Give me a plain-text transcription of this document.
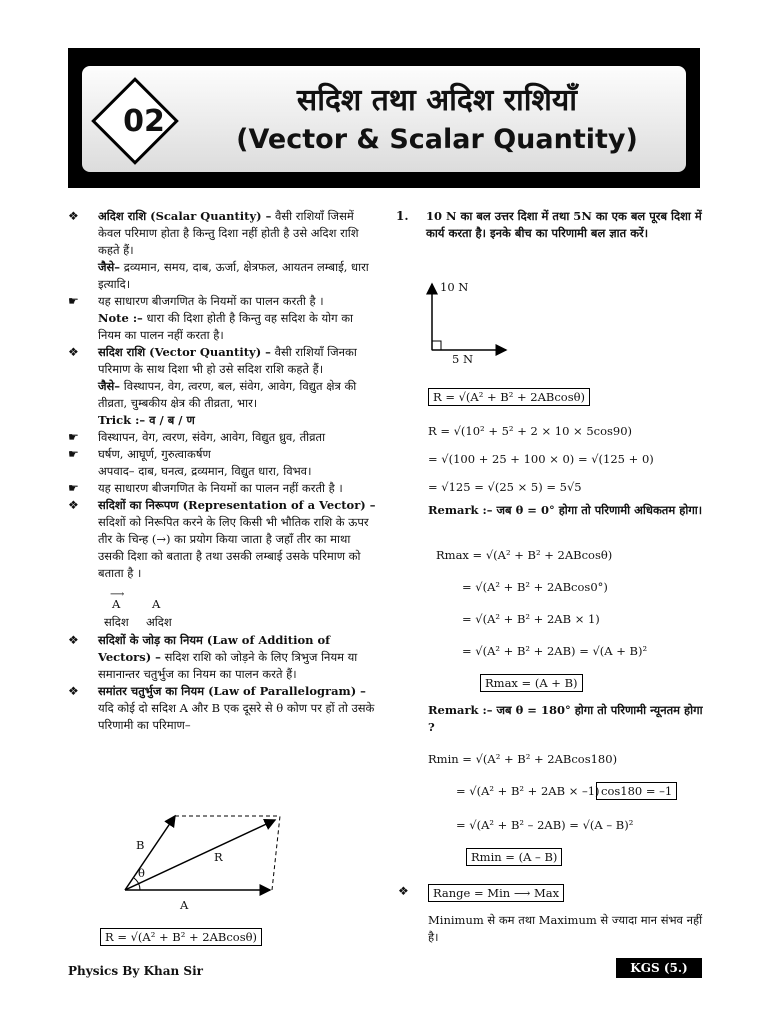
02
सदिश तथा अदिश राशियाँ
(Vector & Scalar Quantity)
❖ अदिश राशि (Scalar Quantity) – वैसी राशियाँ जिसमें केवल परिमाण होता है किन्तु दिशा नहीं होती है उसे अदिश राशि कहते हैं।

जैसे– द्रव्यमान, समय, दाब, ऊर्जा, क्षेत्रफल, आयतन लम्बाई, धारा इत्यादि।

☛ यह साधारण बीजगणित के नियमों का पालन करती है ।

Note :– धारा की दिशा होती है किन्तु वह सदिश के योग का नियम का पालन नहीं करता है।

❖ सदिश राशि (Vector Quantity) – वैसी राशियाँ जिनका परिमाण के साथ दिशा भी हो उसे सदिश राशि कहते हैं।

जैसे– विस्थापन, वेग, त्वरण, बल, संवेग, आवेग, विद्युत क्षेत्र की तीव्रता, चुम्बकीय क्षेत्र की तीव्रता, भार।

Trick :– व / ब / ण

☛ विस्थापन, वेग, त्वरण, संवेग, आवेग, विद्युत ध्रुव, तीव्रता

☛ घर्षण, आघूर्ण, गुरुत्वाकर्षण

अपवाद– दाब, घनत्व, द्रव्यमान, विद्युत धारा, विभव।

☛ यह साधारण बीजगणित के नियमों का पालन नहीं करती है ।

❖ सदिशों का निरूपण (Representation of a Vector) – सदिशों को निरूपित करने के लिए किसी भी भौतिक राशि के ऊपर तीर के चिन्ह (→) का प्रयोग किया जाता है जहाँ तीर का माथा उसकी दिशा को बताता है तथा उसकी लम्बाई उसके परिमाण को बताता है ।

⟶
A	A
सदिश अदिश
❖ सदिशों के जोड़ का नियम (Law of Addition of Vectors) – सदिश राशि को जोड़ने के लिए त्रिभुज नियम या समानान्तर चतुर्भुज का नियम का पालन करते हैं।

❖ समांतर चतुर्भुज का नियम (Law of Parallelogram) – यदि कोई दो सदिश A और B एक दूसरे से θ कोण पर हों तो उसके परिणामी का परिमाण–

B
R
θ
A
R = √(A² + B² + 2ABcosθ)
1. 10 N का बल उत्तर दिशा में तथा 5N का एक बल पूरब दिशा में कार्य करता है। इनके बीच का परिणामी बल ज्ञात करें।

10 N
5 N
R = √(A² + B² + 2ABcosθ)
R = √(10² + 5² + 2 × 10 × 5cos90)
= √(100 + 25 + 100 × 0) = √(125 + 0)
= √125 = √(25 × 5) = 5√5
Remark :– जब θ = 0° होगा तो परिणामी अधिकतम होगा।
Rmax = √(A² + B² + 2ABcosθ)
= √(A² + B² + 2ABcos0°)
= √(A² + B² + 2AB × 1)
= √(A² + B² + 2AB) = √(A + B)²
Rmax = (A + B)
Remark :– जब θ = 180° होगा तो परिणामी न्यूनतम होगा ?
Rmin = √(A² + B² + 2ABcos180)
= √(A² + B² + 2AB × –1) cos180 = –1
= √(A² + B² – 2AB) = √(A – B)²
Rmin = (A – B)
❖	Range = Min ⟶ Max
Minimum से कम तथा Maximum से ज्यादा मान संभव नहीं है।
Physics By Khan Sir	KGS (5.)
